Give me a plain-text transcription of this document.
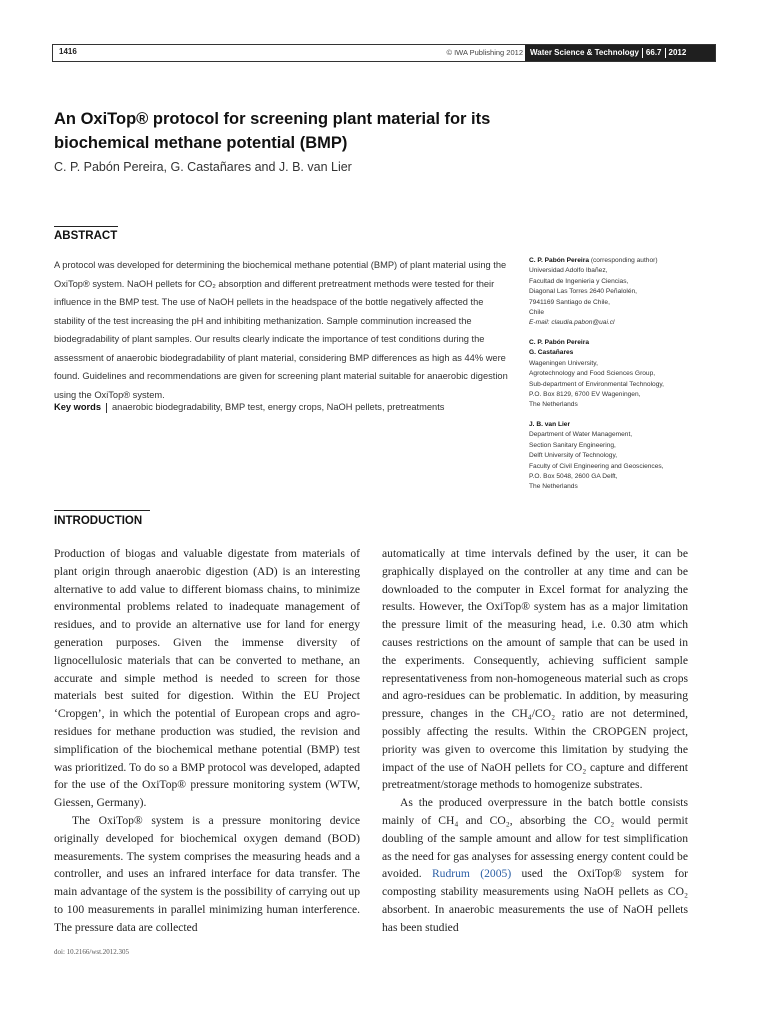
1416	© IWA Publishing 2012 Water Science & Technology 66.7 2012
An OxiTop® protocol for screening plant material for its
biochemical methane potential (BMP)
C. P. Pabón Pereira, G. Castañares and J. B. van Lier
ABSTRACT
A protocol was developed for determining the biochemical methane potential (BMP) of plant material using the OxiTop® system. NaOH pellets for CO₂ absorption and different pretreatment methods were tested for their influence in the BMP test. The use of NaOH pellets in the headspace of the bottle negatively affected the stability of the test increasing the pH and inhibiting methanization. Sample comminution increased the biodegradability of plant samples. Our results clearly indicate the importance of test conditions during the assessment of anaerobic biodegradability of plant material, considering BMP differences as high as 44% were found. Guidelines and recommendations are given for screening plant material suitable for anaerobic digestion using the OxiTop® system.
Key words anaerobic biodegradability, BMP test, energy crops, NaOH pellets, pretreatments
C. P. Pabón Pereira (corresponding author)
Universidad Adolfo Ibañez,
Facultad de Ingenieria y Ciencias,
Diagonal Las Torres 2640 Peñalolén,
7941169 Santiago de Chile,
Chile
E-mail: claudia.pabon@uai.cl
C. P. Pabón Pereira
G. Castañares
Wageningen University,
Agrotechnology and Food Sciences Group,
Sub-department of Environmental Technology,
P.O. Box 8129, 6700 EV Wageningen,
The Netherlands
J. B. van Lier
Department of Water Management,
Section Sanitary Engineering,
Delft University of Technology,
Faculty of Civil Engineering and Geosciences,
P.O. Box 5048, 2600 GA Delft,
The Netherlands
INTRODUCTION

Production of biogas and valuable digestate from materials of plant origin through anaerobic digestion (AD) is an interesting alternative to add value to different biomass chains, to minimize environmental problems related to inadequate management of residues, and to provide an alternative use for land for energy generation purposes. Given the immense diversity of lignocellulosic materials that can be converted to methane, an accurate and simple method is needed to screen for those materials best suited for digestion. Within the EU Project ‘Cropgen’, in which the potential of European crops and agro-residues for methane production was studied, the revision and simplification of the biochemical methane potential (BMP) test was prioritized. To do so a BMP protocol was developed, adapted for the use of the OxiTop® pressure monitoring system (WTW, Giessen, Germany).

The OxiTop® system is a pressure monitoring device originally developed for biochemical oxygen demand (BOD) measurements. The system comprises the measuring heads and a controller, and uses an infrared interface for data transfer. The main advantage of the system is the possibility of carrying out up to 100 measurements in parallel minimizing human interference. The pressure data are collected

automatically at time intervals defined by the user, it can be graphically displayed on the controller at any time and can be downloaded to the computer in Excel format for analyzing the results. However, the OxiTop® system has as a major limitation the pressure limit of the measuring head, i.e. 0.30 atm which causes restrictions on the amount of sample that can be used in the experiments. Consequently, achieving sufficient sample representativeness from non-homogeneous material such as crops and agro-residues can be problematic. In addition, by measuring pressure, changes in the CH₄/CO₂ ratio are not determined, possibly affecting the results. Within the CROPGEN project, priority was given to overcome this limitation by studying the impact of the use of NaOH pellets for CO₂ capture and different pretreatment/storage methods to homogenize substrates.

As the produced overpressure in the batch bottle consists mainly of CH₄ and CO₂, absorbing the CO₂ would permit doubling of the sample amount and allow for test simplification as the need for gas analyses for assessing energy content could be avoided. Rudrum (2005) used the OxiTop® system for composting stability measurements using NaOH pellets as CO₂ absorbent. In anaerobic measurements the use of NaOH pellets has been studied

doi: 10.2166/wst.2012.305
